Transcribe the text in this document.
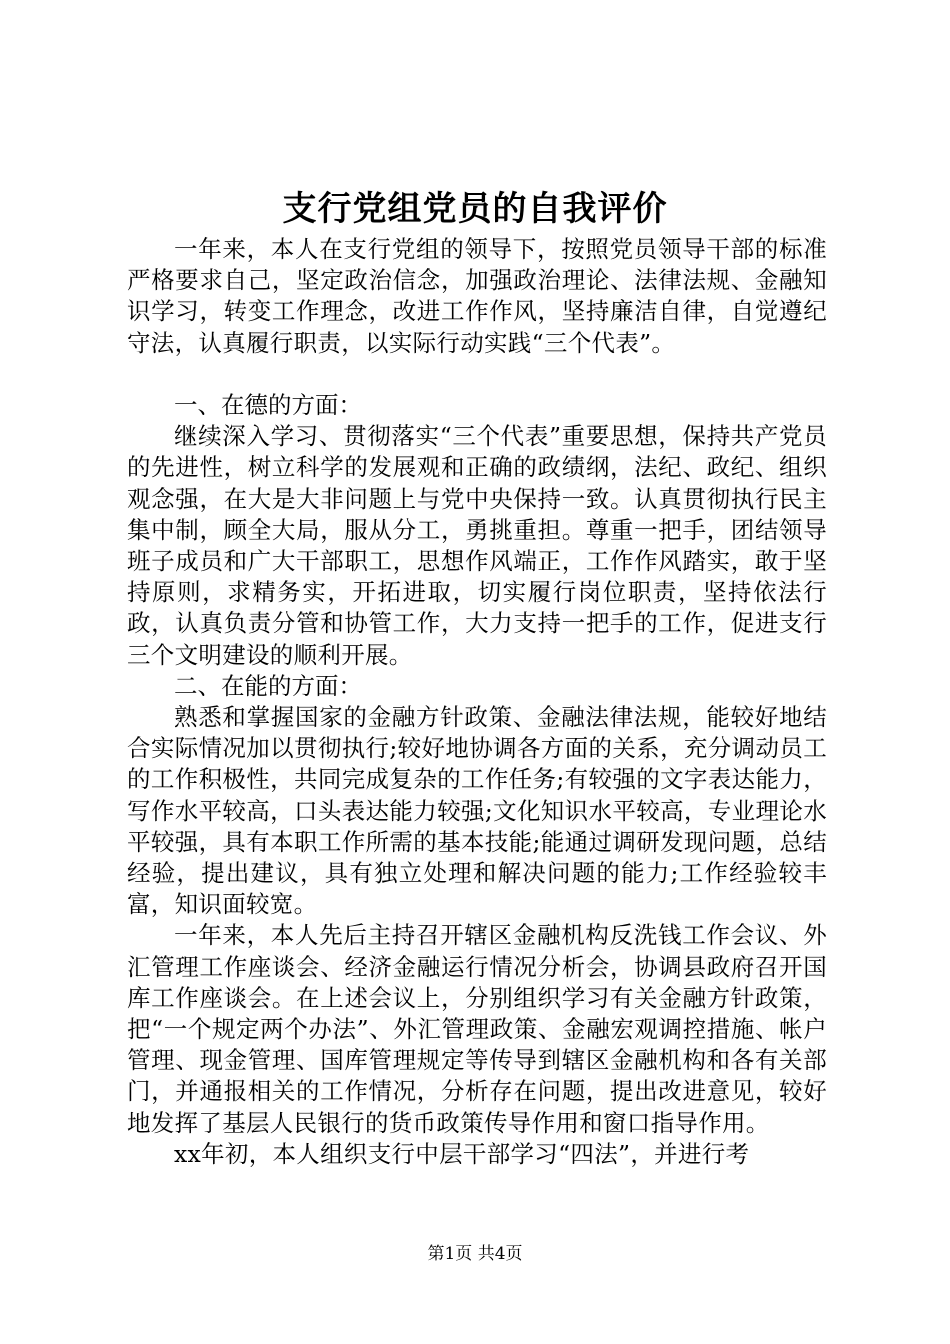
支行党组党员的自我评价

一年来，本人在支行党组的领导下，按照党员领导干部的标准严格要求自己，坚定政治信念，加强政治理论、法律法规、金融知识学习，转变工作理念，改进工作作风，坚持廉洁自律，自觉遵纪守法，认真履行职责，以实际行动实践“三个代表”。

一、在德的方面：

继续深入学习、贯彻落实“三个代表”重要思想，保持共产党员的先进性，树立科学的发展观和正确的政绩纲，法纪、政纪、组织观念强，在大是大非问题上与党中央保持一致。认真贯彻执行民主集中制，顾全大局，服从分工，勇挑重担。尊重一把手，团结领导班子成员和广大干部职工，思想作风端正，工作作风踏实，敢于坚持原则，求精务实，开拓进取，切实履行岗位职责，坚持依法行政，认真负责分管和协管工作，大力支持一把手的工作，促进支行三个文明建设的顺利开展。

二、在能的方面：

熟悉和掌握国家的金融方针政策、金融法律法规，能较好地结合实际情况加以贯彻执行;较好地协调各方面的关系，充分调动员工的工作积极性，共同完成复杂的工作任务;有较强的文字表达能力，写作水平较高，口头表达能力较强;文化知识水平较高，专业理论水平较强，具有本职工作所需的基本技能;能通过调研发现问题，总结经验，提出建议，具有独立处理和解决问题的能力;工作经验较丰富，知识面较宽。

一年来，本人先后主持召开辖区金融机构反洗钱工作会议、外汇管理工作座谈会、经济金融运行情况分析会，协调县政府召开国库工作座谈会。在上述会议上，分别组织学习有关金融方针政策，把“一个规定两个办法”、外汇管理政策、金融宏观调控措施、帐户管理、现金管理、国库管理规定等传导到辖区金融机构和各有关部门，并通报相关的工作情况，分析存在问题，提出改进意见，较好地发挥了基层人民银行的货币政策传导作用和窗口指导作用。

xx年初，本人组织支行中层干部学习“四法”，并进行考

第1页 共4页
